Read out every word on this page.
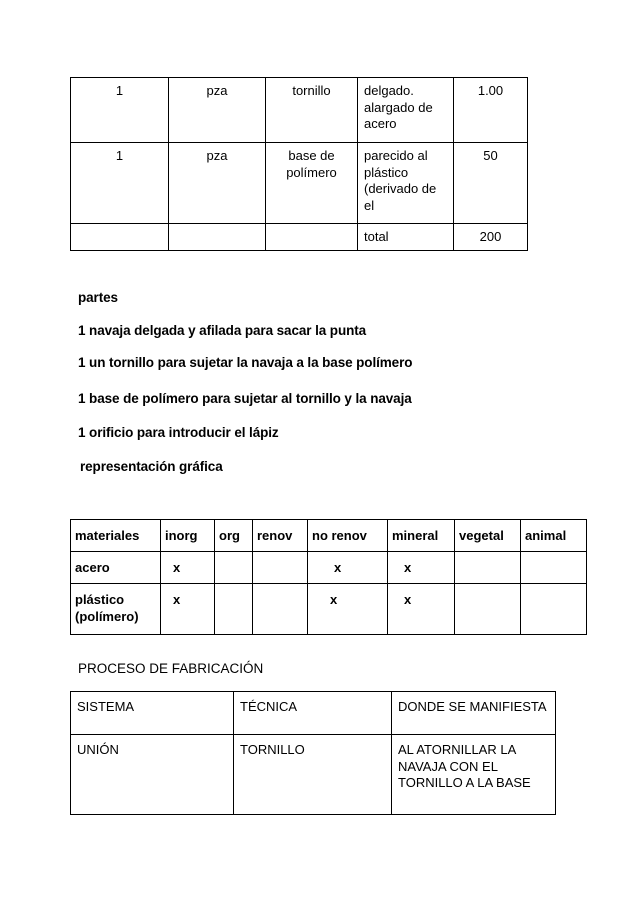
1	pza	tornillo	delgado. alargado de acero	1.00
1	pza	base de polímero	parecido al plástico (derivado de el	50
			total	200
partes
1 navaja delgada y afilada para sacar la punta
1 un tornillo para sujetar la navaja a la base polímero
1 base de polímero para sujetar al tornillo y la navaja
1 orificio para introducir el lápiz
representación gráfica
materiales	inorg	org	renov	no renov	mineral	vegetal	animal
acero	x			x	x		
plástico (polímero)	x			x	x		
PROCESO DE FABRICACIÓN
SISTEMA	TÉCNICA	DONDE SE MANIFIESTA
UNIÓN	TORNILLO	AL ATORNILLAR LA NAVAJA CON EL TORNILLO A LA BASE
